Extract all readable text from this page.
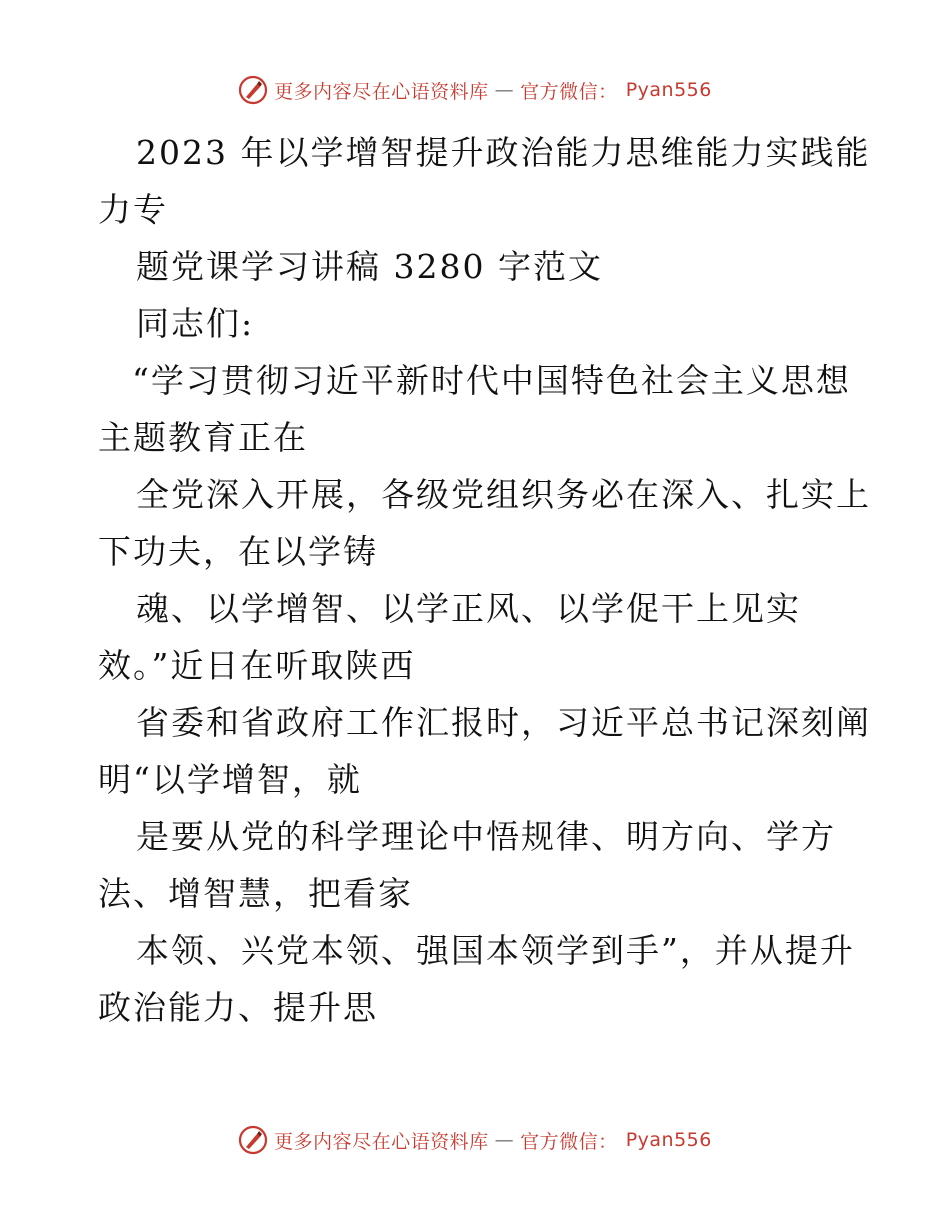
更多内容尽在心语资料库 — 官方微信： Pyan556
2023 年以学增智提升政治能力思维能力实践能
力专
题党课学习讲稿 3280 字范文
同志们:
“学习贯彻习近平新时代中国特色社会主义思想
主题教育正在
全党深入开展，各级党组织务必在深入、扎实上
下功夫，在以学铸
魂、以学增智、以学正风、以学促干上见实
效。”近日在听取陕西
省委和省政府工作汇报时，习近平总书记深刻阐
明“以学增智，就
是要从党的科学理论中悟规律、明方向、学方
法、增智慧，把看家
本领、兴党本领、强国本领学到手”，并从提升
政治能力、提升思
更多内容尽在心语资料库 — 官方微信： Pyan556
